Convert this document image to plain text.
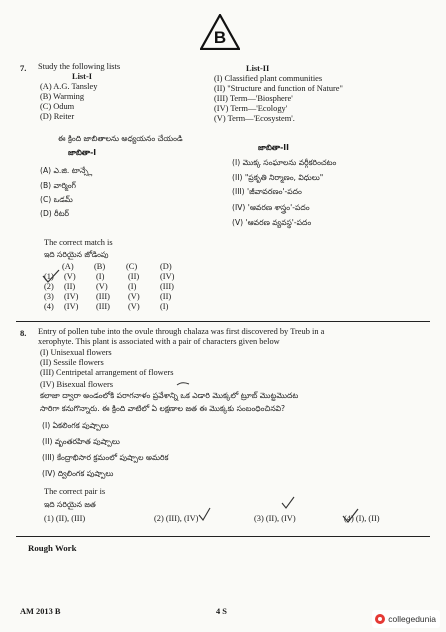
B
7. Study the following lists
List-I
List-II
(A) A.G. Tansley
(B) Warming
(C) Odum
(D) Reiter
(I) Classified plant communities
(II) "Structure and function of Nature"
(III) Term—'Biosphere'
(IV) Term—'Ecology'
(V) Term—'Ecosystem'.
ఈ క్రింది జాబితాలను అధ్యయనం చేయండి
జాబితా-I
జాబితా-II
(A) ఎ.జి. టాన్స్లే
(B) వార్మింగ్
(C) ఒడమ్
(D) రీటర్
(I) మొక్క సంఘాలను వర్గీకరించటం
(II) "ప్రకృతి నిర్మాణం, విధులు"
(III) 'జీవావరణం'-పదం
(IV) 'ఆవరణ శాస్త్రం'-పదం
(V) 'ఆవరణ వ్యవస్థ'-పదం
The correct match is
ఇది సరియైన జోడింపు
(A) (B) (C)	(D)
(1) (V) (I)	(II) (IV)
(2) (II) (V) (I)	(III)
(3) (IV) (III) (V) (II)
(4) (IV) (III) (V) (I)
8. Entry of pollen tube into the ovule through chalaza was first discovered by Treub in a
xerophyte. This plant is associated with a pair of characters given below
(I) Unisexual flowers
(II) Sessile flowers
(III) Centripetal arrangement of flowers
(IV) Bisexual flowers
కలాజా ద్వారా అండంలోకి పరాగనాళం ప్రవేశాన్ని ఒక ఎడారి మొక్కలో ట్రూబ్ మొట్టమొదట
సారిగా కనుగొన్నారు. ఈ క్రింది వాటిలో ఏ లక్షణాల జత ఈ మొక్కకు సంబంధించినవి?
(I) ఏకలింగక పుష్పాలు
(II) వృంతరహిత పుష్పాలు
(III) కేంద్రాభిసార క్రమంలో పుష్పాల అమరిక
(IV) ద్విలింగక పుష్పాలు
The correct pair is
ఇది సరియైన జత
(1) (II), (III)	(2) (III), (IV)	(3) (II), (IV)	(4) (I), (II)
Rough Work
AM 2013 B	4 S
collegedunia
